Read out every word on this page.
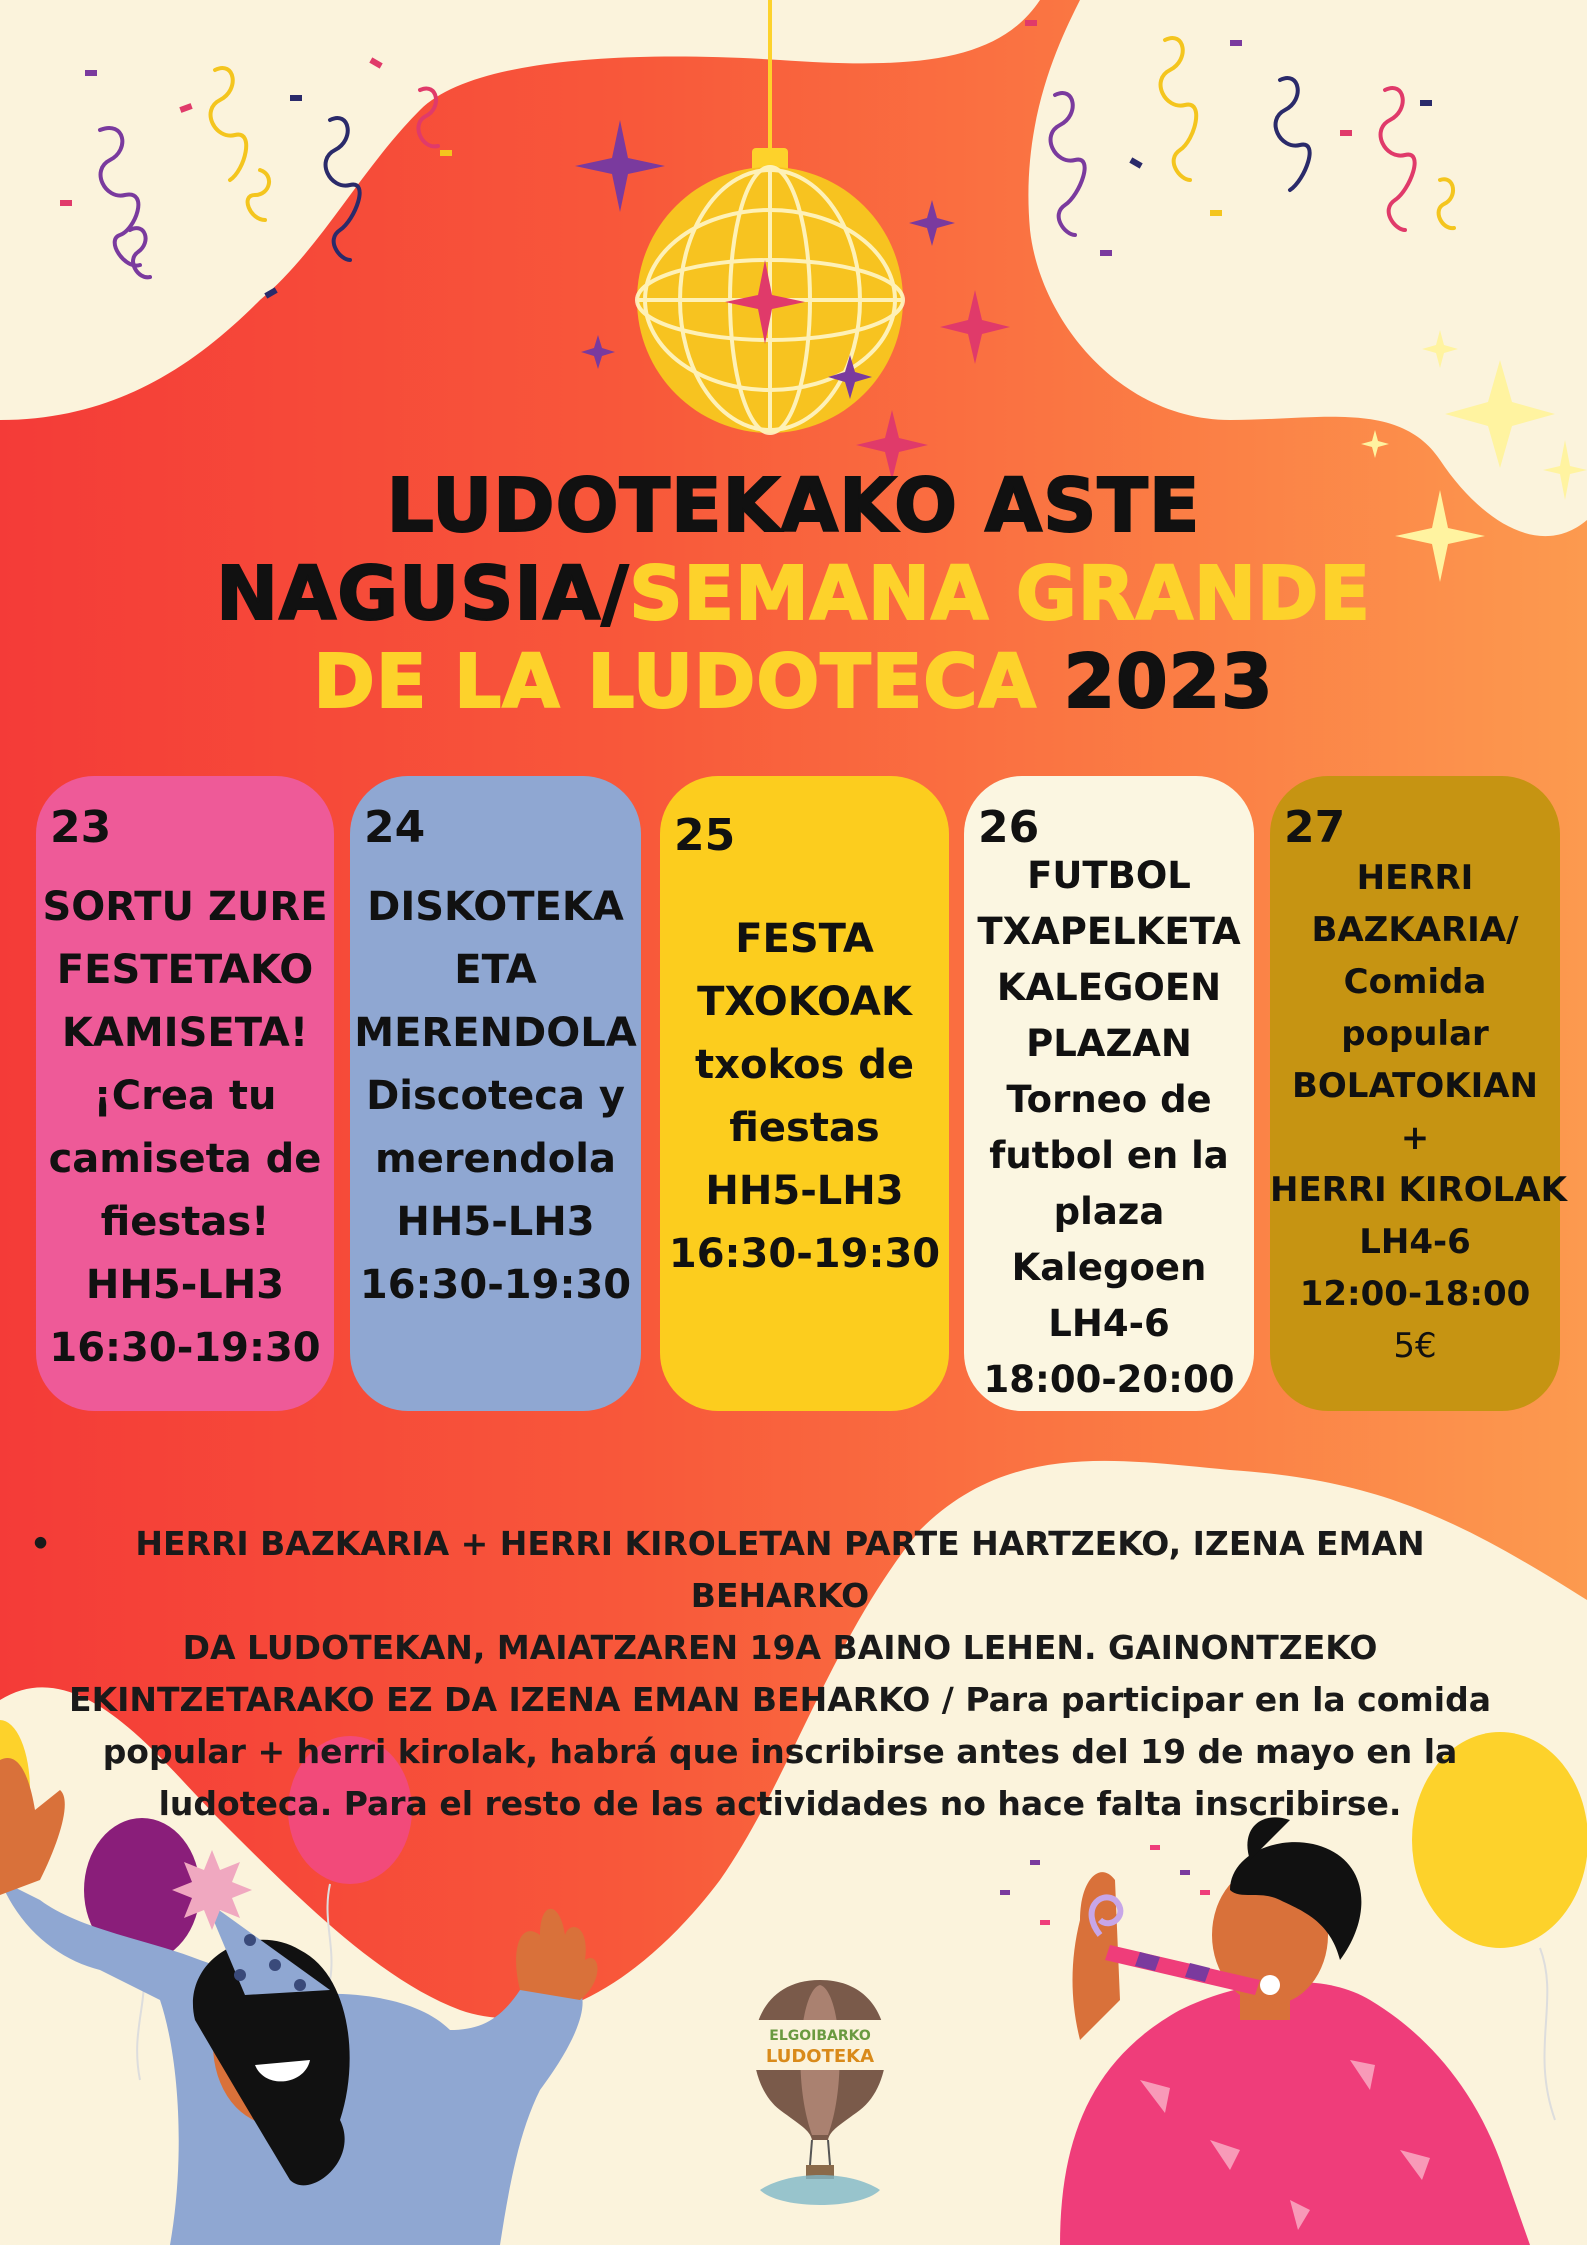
ELGOIBARKO
LUDOTEKA
LUDOTEKAKO ASTE
NAGUSIA/SEMANA GRANDE
DE LA LUDOTECA 2023
23
SORTU ZURE
FESTETAKO
KAMISETA!
¡Crea tu
camiseta de
fiestas!
HH5-LH3
16:30-19:30
24
DISKOTEKA
ETA
MERENDOLA
Discoteca y
merendola
HH5-LH3
16:30-19:30
25
FESTA
TXOKOAK
txokos de
fiestas
HH5-LH3
16:30-19:30
26
FUTBOL
TXAPELKETA
KALEGOEN
PLAZAN
Torneo de
futbol en la
plaza
Kalegoen
LH4-6
18:00-20:00
27
HERRI
BAZKARIA/
Comida
popular
BOLATOKIAN
+
HERRI KIROLAK
LH4-6
12:00-18:00
5€
•	HERRI BAZKARIA + HERRI KIROLETAN PARTE HARTZEKO, IZENA EMAN BEHARKO
DA LUDOTEKAN, MAIATZAREN 19A BAINO LEHEN. GAINONTZEKO
EKINTZETARAKO EZ DA IZENA EMAN BEHARKO / Para participar en la comida
popular + herri kirolak, habrá que inscribirse antes del 19 de mayo en la
ludoteca. Para el resto de las actividades no hace falta inscribirse.
